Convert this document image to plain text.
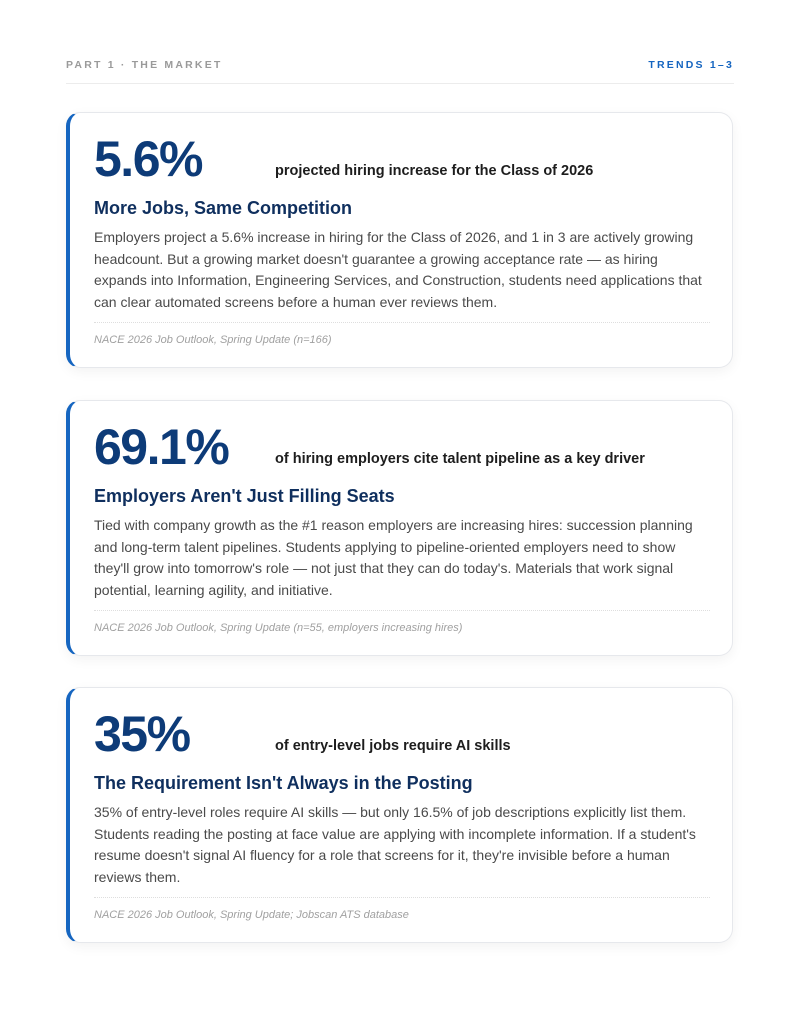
PART 1 · THE MARKET	TRENDS 1–3
5.6%	projected hiring increase for the Class of 2026
More Jobs, Same Competition

Employers project a 5.6% increase in hiring for the Class of 2026, and 1 in 3 are actively growing headcount. But a growing market doesn't guarantee a growing acceptance rate — as hiring expands into Information, Engineering Services, and Construction, students need applications that can clear automated screens before a human ever reviews them.

NACE 2026 Job Outlook, Spring Update (n=166)
69.1%	of hiring employers cite talent pipeline as a key driver
Employers Aren't Just Filling Seats

Tied with company growth as the #1 reason employers are increasing hires: succession planning and long-term talent pipelines. Students applying to pipeline-oriented employers need to show they'll grow into tomorrow's role — not just that they can do today's. Materials that work signal potential, learning agility, and initiative.

NACE 2026 Job Outlook, Spring Update (n=55, employers increasing hires)
35%	of entry-level jobs require AI skills
The Requirement Isn't Always in the Posting

35% of entry-level roles require AI skills — but only 16.5% of job descriptions explicitly list them. Students reading the posting at face value are applying with incomplete information. If a student's resume doesn't signal AI fluency for a role that screens for it, they're invisible before a human reviews them.

NACE 2026 Job Outlook, Spring Update; Jobscan ATS database
